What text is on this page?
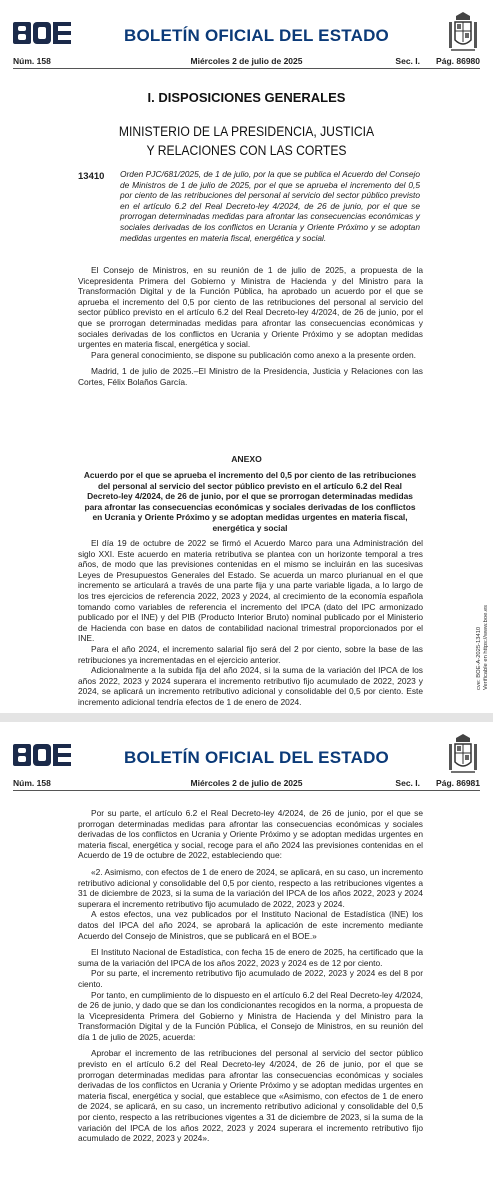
BOLETÍN OFICIAL DEL ESTADO
Núm. 158	Miércoles 2 de julio de 2025	Sec. I. Pág. 86980
I. DISPOSICIONES GENERALES
MINISTERIO DE LA PRESIDENCIA, JUSTICIA
Y RELACIONES CON LAS CORTES
13410 Orden PJC/681/2025, de 1 de julio, por la que se publica el Acuerdo del Consejo de Ministros de 1 de julio de 2025, por el que se aprueba el incremento del 0,5 por ciento de las retribuciones del personal al servicio del sector público previsto en el artículo 6.2 del Real Decreto-ley 4/2024, de 26 de junio, por el que se prorrogan determinadas medidas para afrontar las consecuencias económicas y sociales derivadas de los conflictos en Ucrania y Oriente Próximo y se adoptan medidas urgentes en materia fiscal, energética y social.

El Consejo de Ministros, en su reunión de 1 de julio de 2025, a propuesta de la Vicepresidenta Primera del Gobierno y Ministra de Hacienda y del Ministro para la Transformación Digital y de la Función Pública, ha aprobado un acuerdo por el que se aprueba el incremento del 0,5 por ciento de las retribuciones del personal al servicio del sector público previsto en el artículo 6.2 del Real Decreto-ley 4/2024, de 26 de junio, por el que se prorrogan determinadas medidas para afrontar las consecuencias económicas y sociales derivadas de los conflictos en Ucrania y Oriente Próximo y se adoptan medidas urgentes en materia fiscal, energética y social.

Para general conocimiento, se dispone su publicación como anexo a la presente orden.

Madrid, 1 de julio de 2025.–El Ministro de la Presidencia, Justicia y Relaciones con las Cortes, Félix Bolaños García.

ANEXO
Acuerdo por el que se aprueba el incremento del 0,5 por ciento de las retribuciones del personal al servicio del sector público previsto en el artículo 6.2 del Real Decreto-ley 4/2024, de 26 de junio, por el que se prorrogan determinadas medidas para afrontar las consecuencias económicas y sociales derivadas de los conflictos en Ucrania y Oriente Próximo y se adoptan medidas urgentes en materia fiscal, energética y social

El día 19 de octubre de 2022 se firmó el Acuerdo Marco para una Administración del siglo XXI. Este acuerdo en materia retributiva se plantea con un horizonte temporal a tres años, de modo que las previsiones contenidas en el mismo se incluirán en las sucesivas Leyes de Presupuestos Generales del Estado. Se acuerda un marco plurianual en el que incremento se articulará a través de una parte fija y una parte variable ligada, a lo largo de los tres ejercicios de referencia 2022, 2023 y 2024, al crecimiento de la economía española tomando como variables de referencia el incremento del IPCA (dato del IPC armonizado publicado por el INE) y del PIB (Producto Interior Bruto) nominal publicado por el Ministerio de Hacienda con base en datos de contabilidad nacional trimestral proporcionados por el INE.

Para el año 2024, el incremento salarial fijo será del 2 por ciento, sobre la base de las retribuciones ya incrementadas en el ejercicio anterior.

Adicionalmente a la subida fija del año 2024, si la suma de la variación del IPCA de los años 2022, 2023 y 2024 superara el incremento retributivo fijo acumulado de 2022, 2023 y 2024, se aplicará un incremento retributivo adicional y consolidable del 0,5 por ciento. Este incremento adicional tendría efectos de 1 de enero de 2024.

cve: BOE-A-2025-13410 Verificable en https://www.boe.es
BOLETÍN OFICIAL DEL ESTADO
Núm. 158	Miércoles 2 de julio de 2025	Sec. I. Pág. 86981

Por su parte, el artículo 6.2 el Real Decreto-ley 4/2024, de 26 de junio, por el que se prorrogan determinadas medidas para afrontar las consecuencias económicas y sociales derivadas de los conflictos en Ucrania y Oriente Próximo y se adoptan medidas urgentes en materia fiscal, energética y social, recoge para el año 2024 las previsiones contenidas en el Acuerdo de 19 de octubre de 2022, estableciendo que:

«2. Asimismo, con efectos de 1 de enero de 2024, se aplicará, en su caso, un incremento retributivo adicional y consolidable del 0,5 por ciento, respecto a las retribuciones vigentes a 31 de diciembre de 2023, si la suma de la variación del IPCA de los años 2022, 2023 y 2024 superara el incremento retributivo fijo acumulado de 2022, 2023 y 2024.

A estos efectos, una vez publicados por el Instituto Nacional de Estadística (INE) los datos del IPCA del año 2024, se aprobará la aplicación de este incremento mediante Acuerdo del Consejo de Ministros, que se publicará en el BOE.»

El Instituto Nacional de Estadística, con fecha 15 de enero de 2025, ha certificado que la suma de la variación del IPCA de los años 2022, 2023 y 2024 es de 12 por ciento.

Por su parte, el incremento retributivo fijo acumulado de 2022, 2023 y 2024 es del 8 por ciento.

Por tanto, en cumplimiento de lo dispuesto en el artículo 6.2 del Real Decreto-ley 4/2024, de 26 de junio, y dado que se dan los condicionantes recogidos en la norma, a propuesta de la Vicepresidenta Primera del Gobierno y Ministra de Hacienda y del Ministro para la Transformación Digital y de la Función Pública, el Consejo de Ministros, en su reunión del día 1 de julio de 2025, acuerda:

Aprobar el incremento de las retribuciones del personal al servicio del sector público previsto en el artículo 6.2 del Real Decreto-ley 4/2024, de 26 de junio, por el que se prorrogan determinadas medidas para afrontar las consecuencias económicas y sociales derivadas de los conflictos en Ucrania y Oriente Próximo y se adoptan medidas urgentes en materia fiscal, energética y social, que establece que «Asimismo, con efectos de 1 de enero de 2024, se aplicará, en su caso, un incremento retributivo adicional y consolidable del 0,5 por ciento, respecto a las retribuciones vigentes a 31 de diciembre de 2023, si la suma de la variación del IPCA de los años 2022, 2023 y 2024 superara el incremento retributivo fijo acumulado de 2022, 2023 y 2024».
